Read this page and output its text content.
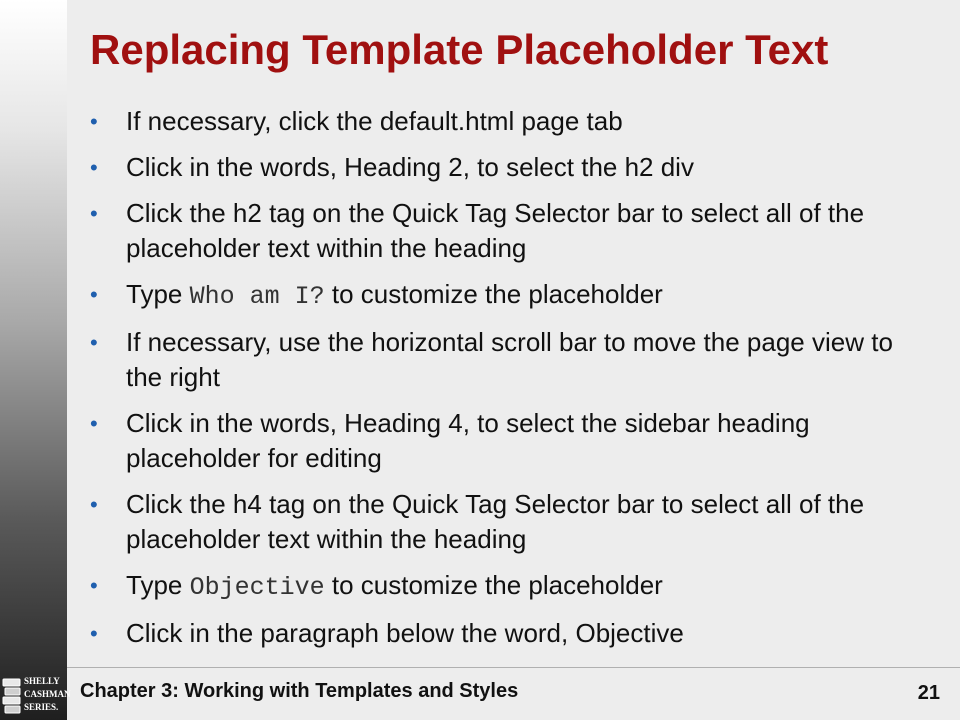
Replacing Template Placeholder Text
• If necessary, click the default.html page tab
• Click in the words, Heading 2, to select the h2 div
• Click the h2 tag on the Quick Tag Selector bar to select all of the placeholder text within the heading
• Type Who am I? to customize the placeholder
• If necessary, use the horizontal scroll bar to move the page view to the right
• Click in the words, Heading 4, to select the sidebar heading placeholder for editing
• Click the h4 tag on the Quick Tag Selector bar to select all of the placeholder text within the heading
• Type Objective to customize the placeholder
• Click in the paragraph below the word, Objective
SHELLY
CASHMAN
SERIES.
Chapter 3: Working with Templates and Styles	21
